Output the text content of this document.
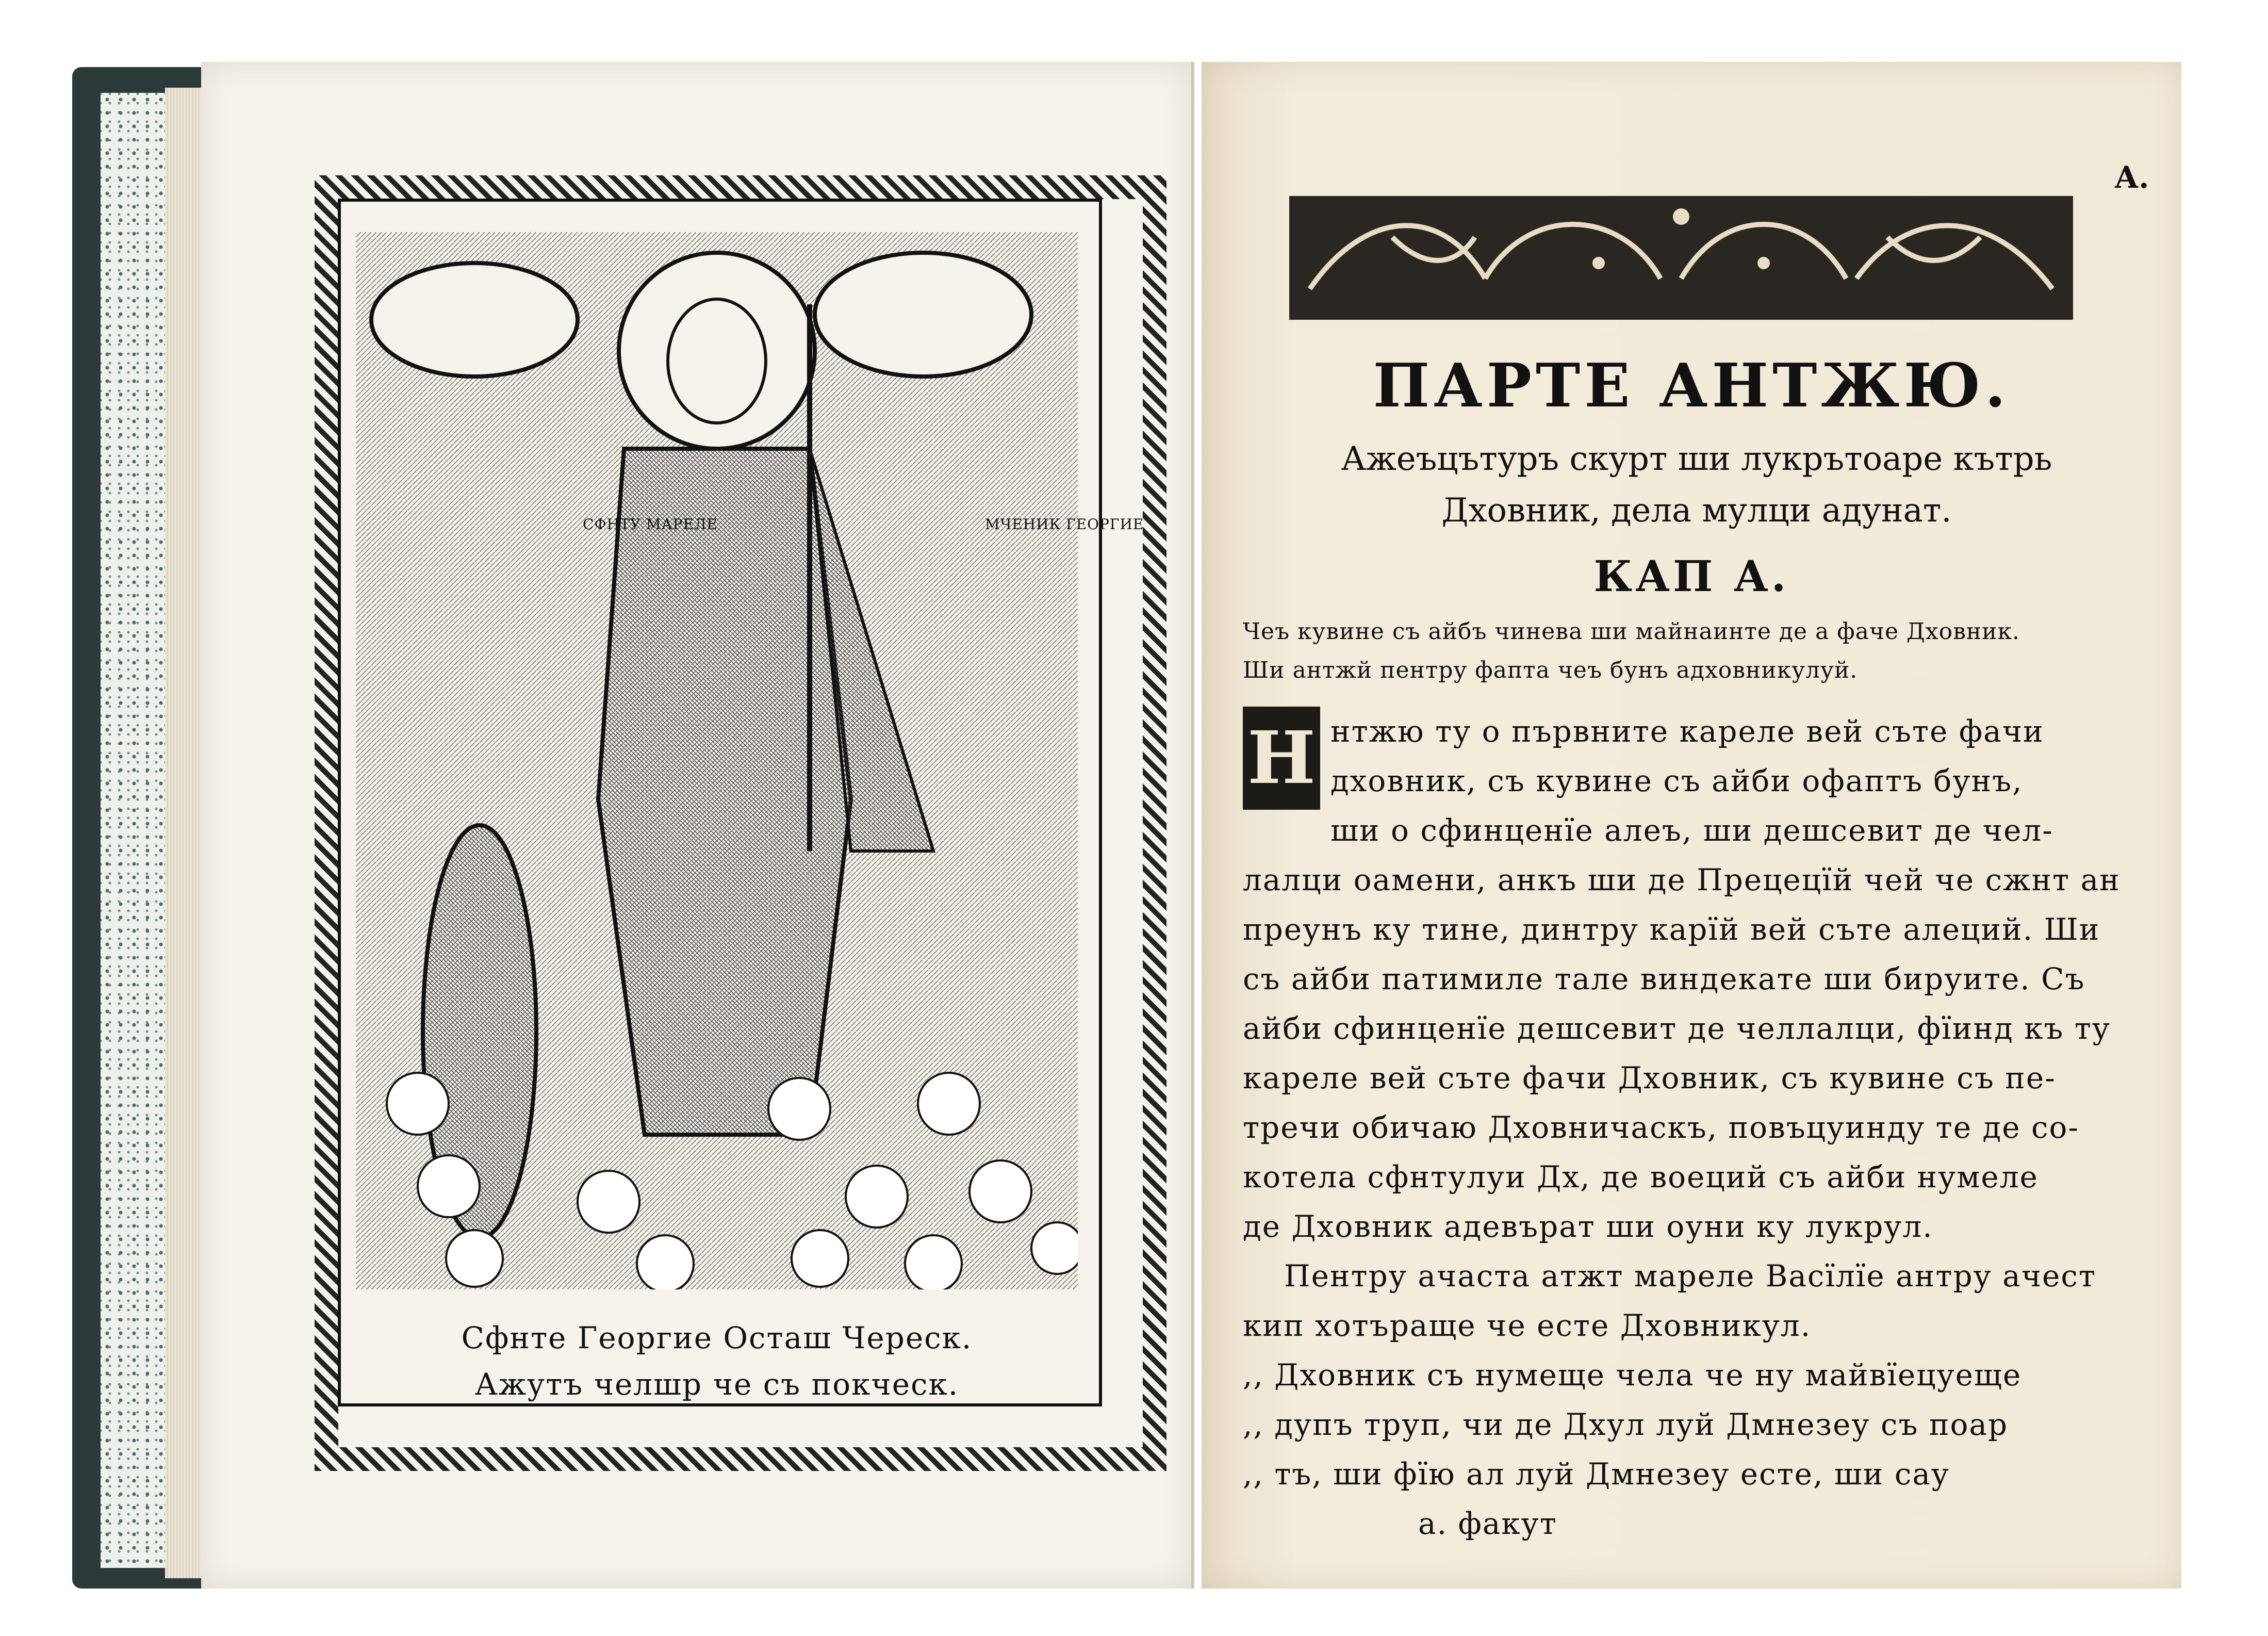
СФНТУ МАРЕЛЕ	МЧЕНИК ГЕОРГИЕ
Сфнте Георгие Осташ Череск.
Ажутъ челшр че съ покческ.
А.
ПАРТЕ АНТЖЮ.
Ажеъцътуръ скурт ши лукрътоаре кътрь
Дховник, дела мулци адунат.
КАП А.
Чеъ кувине съ айбъ чинева ши майнаинте де а фаче Дховник.
Ши антжй пентру фапта чеъ бунъ адховникулуй.
Н нтжю ту о първните кареле вей съте фачи
дховник, съ кувине съ айби офаптъ бунъ,
ши о сфинценїе алеъ, ши дешсевит де чел-
лалци оамени, анкъ ши де Прецецїй чей че сжнт ан
преунъ ку тине, динтру карїй вей съте алеций. Ши
съ айби патимиле тале виндекате ши бируите. Съ
айби сфинценїе дешсевит де челлалци, фїинд къ ту
кареле вей съте фачи Дховник, съ кувине съ пе-
тречи обичаю Дховничаскъ, повъцуинду те де со-
котела сфнтулуи Дх, де воеций съ айби нумеле
де Дховник адевърат ши оуни ку лукрул.
Пентру ачаста атжт мареле Васїлїе антру ачест
кип хотъраще че есте Дховникул.
,, Дховник съ нумеще чела че ну майвїецуеще
,, дупъ труп, чи де Дхул луй Дмнезеу съ поар
,, тъ, ши фїю ал луй Дмнезеу есте, ши сау
а. факут
